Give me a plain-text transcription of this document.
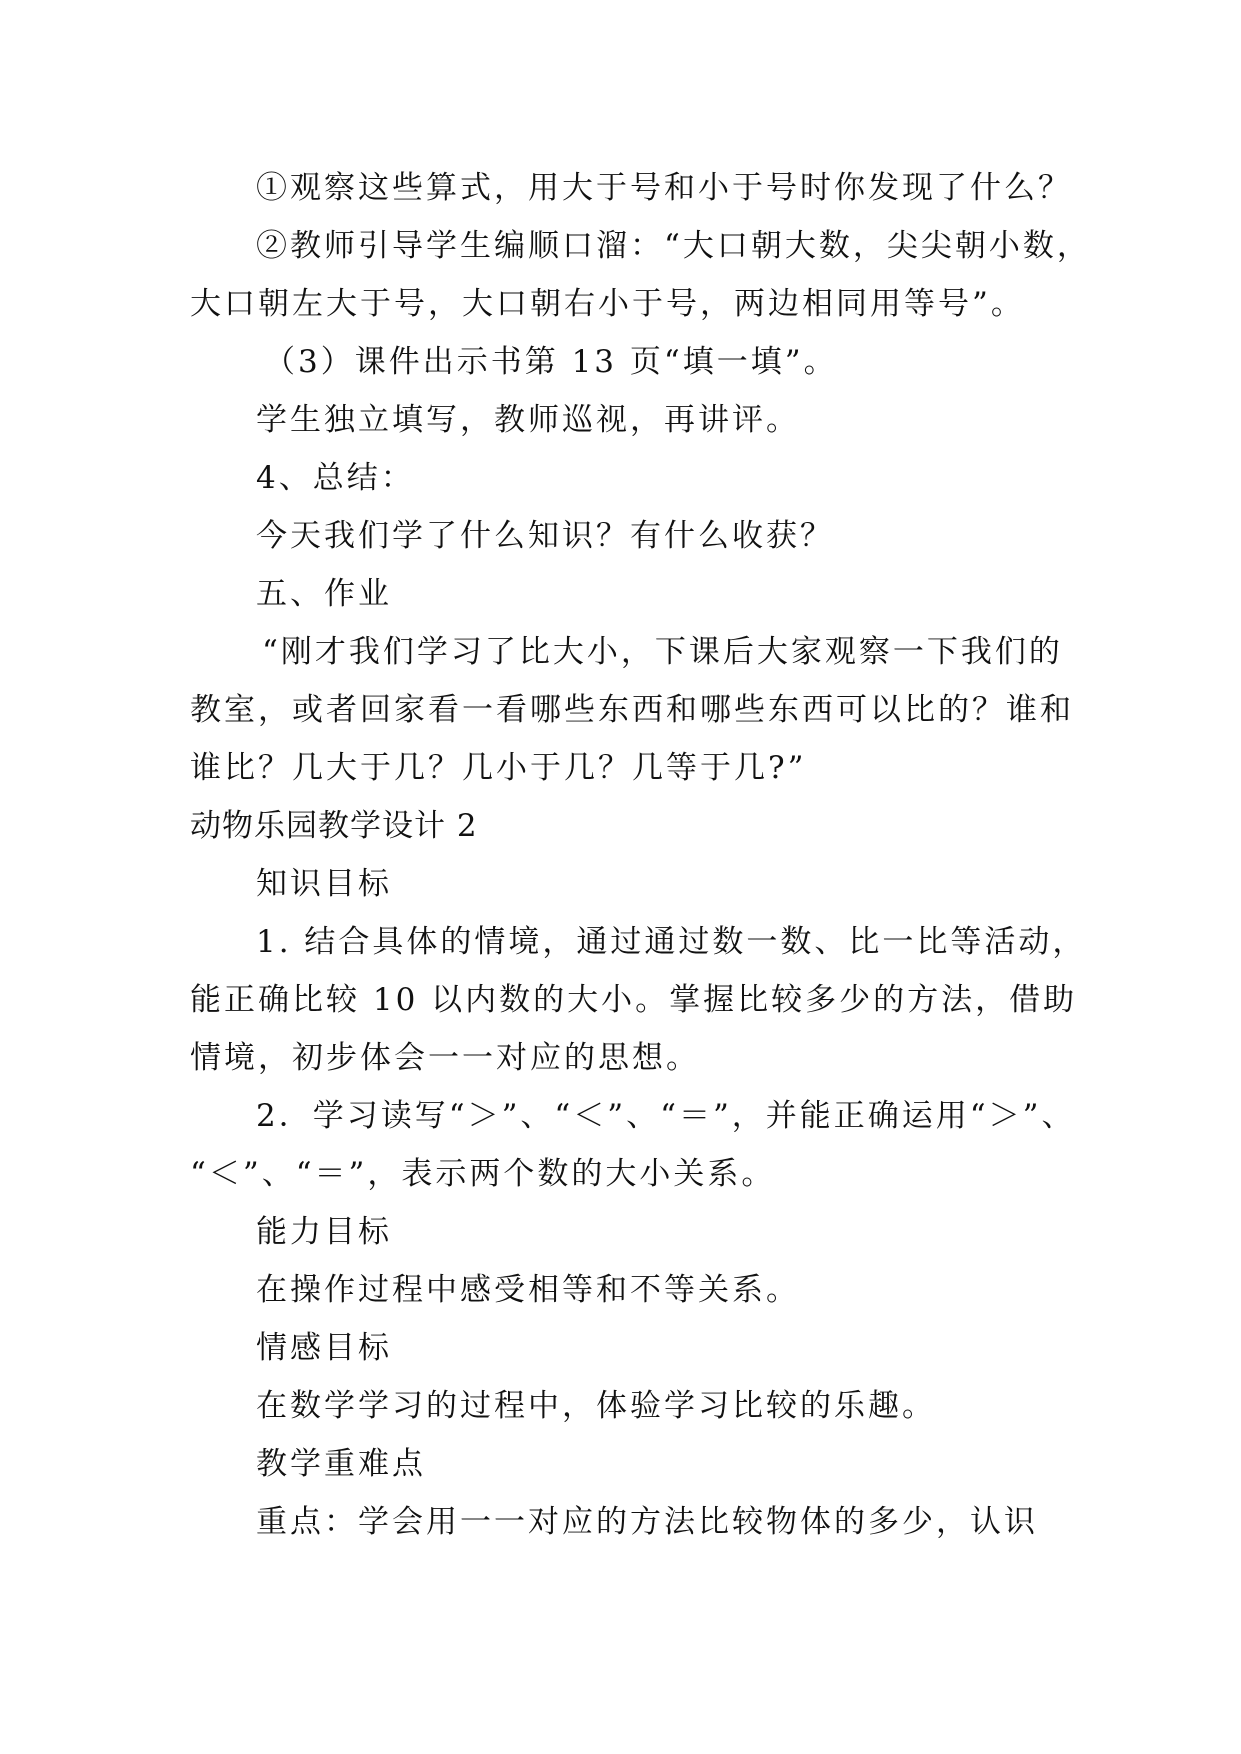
①观察这些算式，用大于号和小于号时你发现了什么？
②教师引导学生编顺口溜：“大口朝大数，尖尖朝小数，
大口朝左大于号，大口朝右小于号，两边相同用等号”。
（3）课件出示书第 13 页“填一填”。
学生独立填写，教师巡视，再讲评。
4、总结：
今天我们学了什么知识？有什么收获？
五、作业
“刚才我们学习了比大小，下课后大家观察一下我们的
教室，或者回家看一看哪些东西和哪些东西可以比的？谁和
谁比？几大于几？几小于几？几等于几?”
动物乐园教学设计 2
知识目标
1. 结合具体的情境，通过通过数一数、比一比等活动，
能正确比较 10 以内数的大小。掌握比较多少的方法，借助
情境，初步体会一一对应的思想。
2．学习读写“＞”、“＜”、“＝”，并能正确运用“＞”、
“＜”、“＝”，表示两个数的大小关系。
能力目标
在操作过程中感受相等和不等关系。
情感目标
在数学学习的过程中，体验学习比较的乐趣。
教学重难点
重点：学会用一一对应的方法比较物体的多少，认识
